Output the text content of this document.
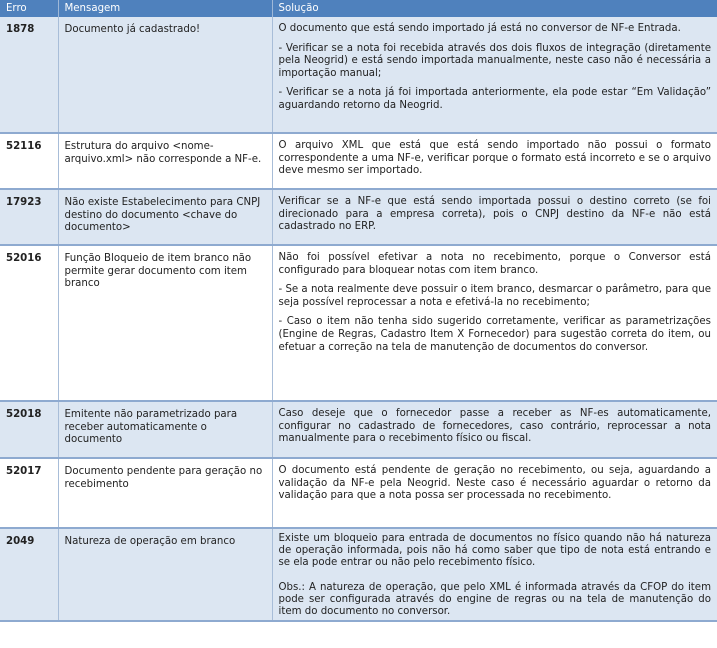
Erro	Mensagem	Solução
1878	Documento já cadastrado!	O documento que está sendo importado já está no conversor de NF-e Entrada.

- Verificar se a nota foi recebida através dos dois fluxos de integração (diretamente pela Neogrid) e está sendo importada manualmente, neste caso não é necessária a importação manual;

- Verificar se a nota já foi importada anteriormente, ela pode estar “Em Validação” aguardando retorno da Neogrid.

52116	Estrutura do arquivo <nome-arquivo.xml> não corresponde a NF-e.	O arquivo XML que está que está sendo importado não possui o formato correspondente a uma NF-e, verificar porque o formato está incorreto e se o arquivo deve mesmo ser importado.

17923	Não existe Estabelecimento para CNPJ destino do documento <chave do documento>	Verificar se a NF-e que está sendo importada possui o destino correto (se foi direcionado para a empresa correta), pois o CNPJ destino da NF-e não está cadastrado no ERP.

52016	Função Bloqueio de item branco não permite gerar documento com item branco	Não foi possível efetivar a nota no recebimento, porque o Conversor está configurado para bloquear notas com item branco.

- Se a nota realmente deve possuir o item branco, desmarcar o parâmetro, para que seja possível reprocessar a nota e efetivá-la no recebimento;

- Caso o item não tenha sido sugerido corretamente, verificar as parametrizações (Engine de Regras, Cadastro Item X Fornecedor) para sugestão correta do item, ou efetuar a correção na tela de manutenção de documentos do conversor.

52018	Emitente não parametrizado para receber automaticamente o documento	Caso deseje que o fornecedor passe a receber as NF-es automaticamente, configurar no cadastrado de fornecedores, caso contrário, reprocessar a nota manualmente para o recebimento físico ou fiscal.

52017	Documento pendente para geração no recebimento	O documento está pendente de geração no recebimento, ou seja, aguardando a validação da NF-e pela Neogrid. Neste caso é necessário aguardar o retorno da validação para que a nota possa ser processada no recebimento.

2049	Natureza de operação em branco	Existe um bloqueio para entrada de documentos no físico quando não há natureza de operação informada, pois não há como saber que tipo de nota está entrando e se ela pode entrar ou não pelo recebimento físico.

Obs.: A natureza de operação, que pelo XML é informada através da CFOP do item pode ser configurada através do engine de regras ou na tela de manutenção do item do documento no conversor.
